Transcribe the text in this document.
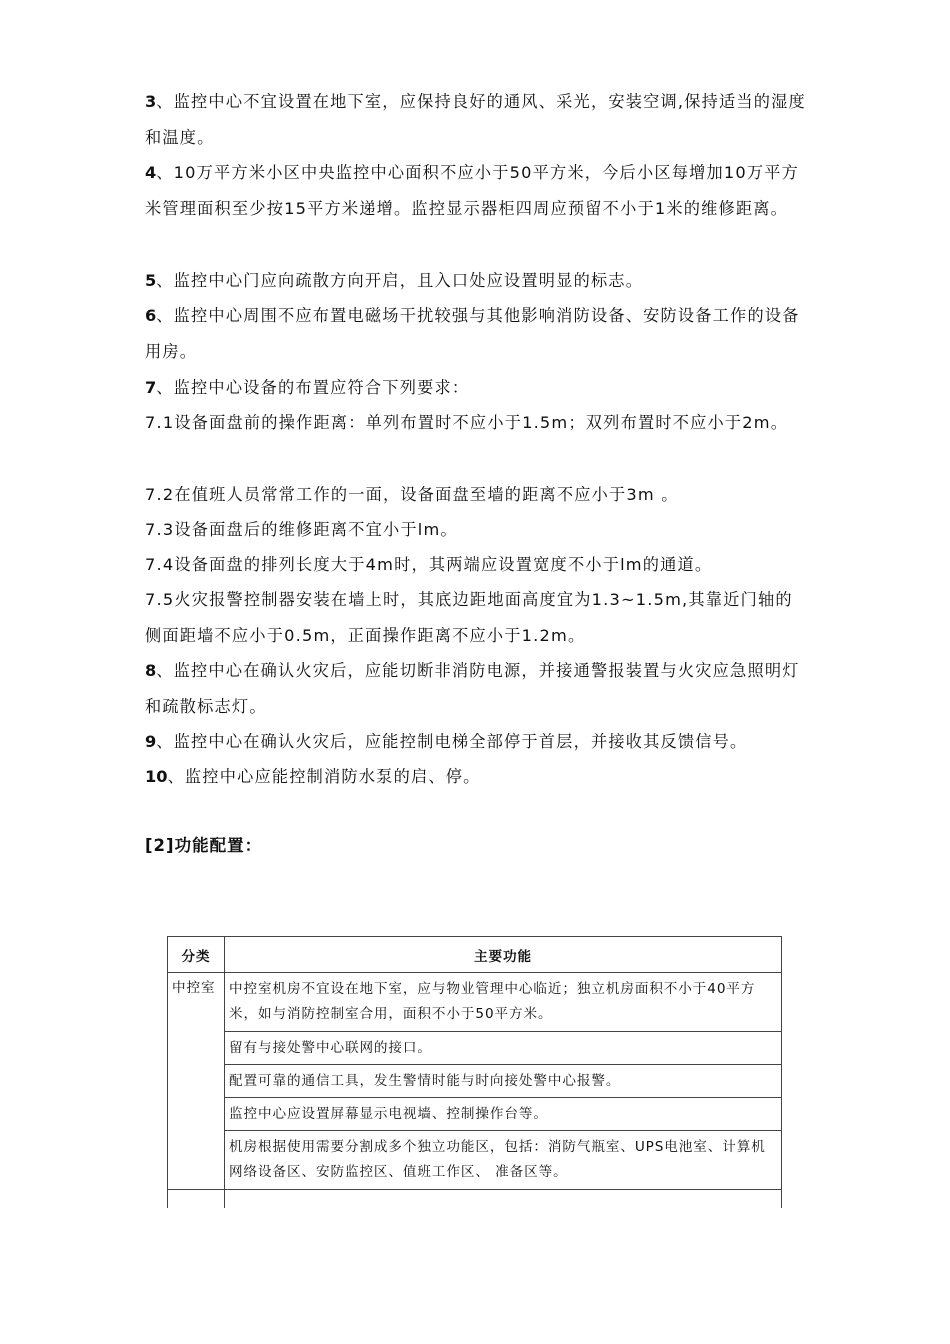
3、监控中心不宜设置在地下室，应保持良好的通风、采光，安装空调,保持适当的湿度和温度。

4、10万平方米小区中央监控中心面积不应小于50平方米，今后小区每增加10万平方米管理面积至少按15平方米递增。监控显示器柜四周应预留不小于1米的维修距离。

5、监控中心门应向疏散方向开启，且入口处应设置明显的标志。

6、监控中心周围不应布置电磁场干扰较强与其他影响消防设备、安防设备工作的设备用房。

7、监控中心设备的布置应符合下列要求：

7.1设备面盘前的操作距离：单列布置时不应小于1.5m；双列布置时不应小于2m。

7.2在值班人员常常工作的一面，设备面盘至墙的距离不应小于3m 。

7.3设备面盘后的维修距离不宜小于lm。

7.4设备面盘的排列长度大于4m时，其两端应设置宽度不小于lm的通道。

7.5火灾报警控制器安装在墙上时，其底边距地面高度宜为1.3~1.5m,其靠近门轴的侧面距墙不应小于0.5m，正面操作距离不应小于1.2m。

8、监控中心在确认火灾后，应能切断非消防电源，并接通警报装置与火灾应急照明灯和疏散标志灯。

9、监控中心在确认火灾后，应能控制电梯全部停于首层，并接收其反馈信号。

10、监控中心应能控制消防水泵的启、停。

[2]功能配置：

分类	主要功能
中控室	中控室机房不宜设在地下室，应与物业管理中心临近；独立机房面积不小于40平方米，如与消防控制室合用，面积不小于50平方米。
	留有与接处警中心联网的接口。
	配置可靠的通信工具，发生警情时能与时向接处警中心报警。
	监控中心应设置屏幕显示电视墙、控制操作台等。
	机房根据使用需要分割成多个独立功能区，包括：消防气瓶室、UPS电池室、计算机网络设备区、安防监控区、值班工作区、 准备区等。
